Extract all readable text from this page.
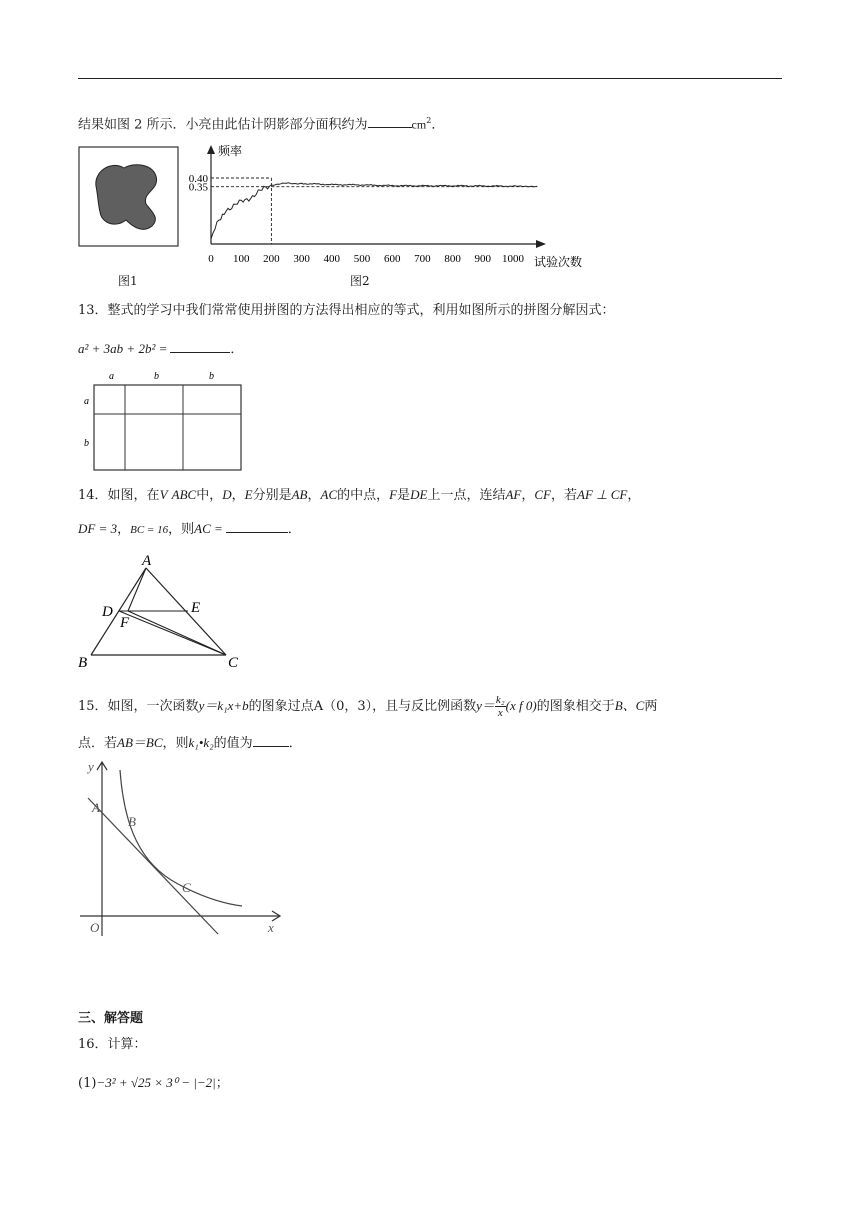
结果如图 2 所示．小亮由此估计阴影部分面积约为	$cm^2$．
图1
频率
试验次数
0 100 200 300 400 500 600 700 800 900 1000
0.40
0.35
图2
13．整式的学习中我们常常使用拼图的方法得出相应的等式，利用如图所示的拼图分解因式：
a² + 3ab + 2b² =	．
a	b	b
a
b
14．如图，在V ABC中，D，E分别是AB，AC的中点，F是DE上一点，连结AF，CF，若AF ⊥ CF，
DF = 3，BC = 16，则AC =	．
A
B	C
D	E
F
15．如图，一次函数y＝k₁x+b的图象过点A（0，3），且与反比例函数$y= \frac{\text{k₂}}{x} (x$ f 0)的图象相交于B、C两
点．若AB＝BC，则k₁•k₂的值为	．
y
x
O
A
B
C
三、解答题
16．计算：
(1)−3² + √25 × 3⁰ − |−2|；
